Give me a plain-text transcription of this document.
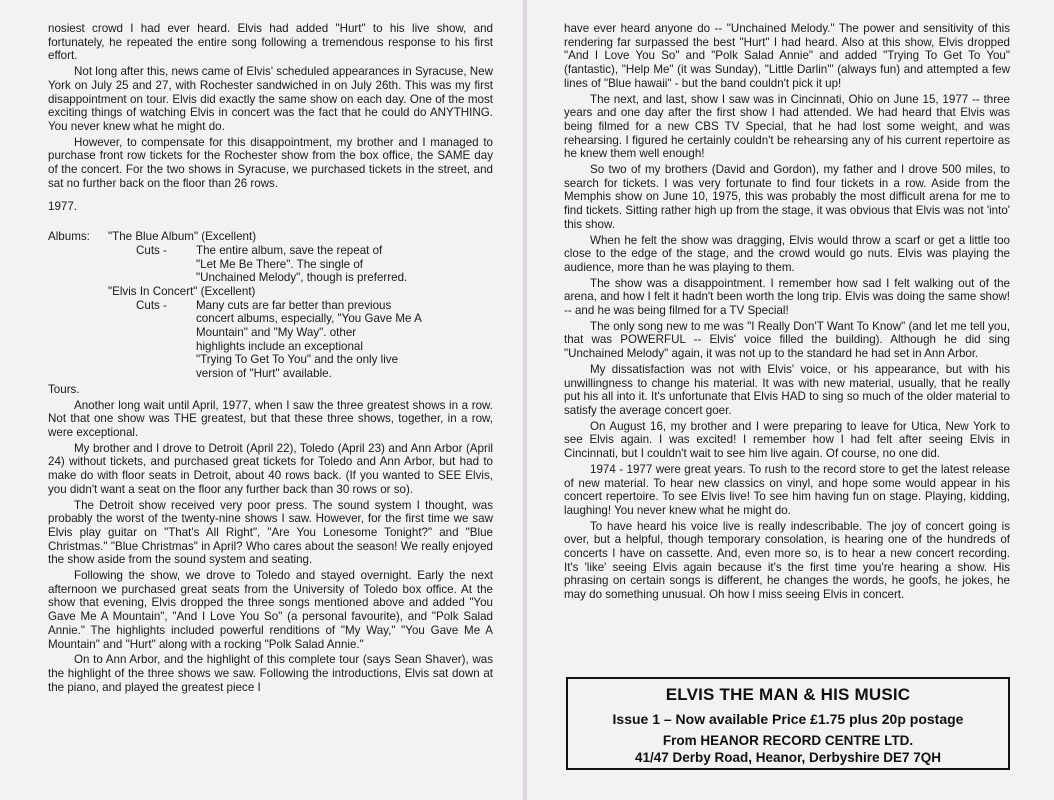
nosiest crowd I had ever heard. Elvis had added "Hurt" to his live show, and fortunately, he repeated the entire song following a tremendous response to his first effort.

Not long after this, news came of Elvis' scheduled appearances in Syracuse, New York on July 25 and 27, with Rochester sandwiched in on July 26th. This was my first disappointment on tour. Elvis did exactly the same show on each day. One of the most exciting things of watching Elvis in concert was the fact that he could do ANYTHING. You never knew what he might do.

However, to compensate for this disappointment, my brother and I managed to purchase front row tickets for the Rochester show from the box office, the SAME day of the concert. For the two shows in Syracuse, we purchased tickets in the street, and sat no further back on the floor than 26 rows.

1977.

Albums:	"The Blue Album" (Excellent)
Cuts -	The entire album, save the repeat of
"Let Me Be There". The single of
"Unchained Melody", though is preferred.
"Elvis In Concert" (Excellent)
Cuts -	Many cuts are far better than previous
concert albums, especially, "You Gave Me A
Mountain" and "My Way". other
highlights include an exceptional
"Trying To Get To You" and the only live
version of "Hurt" available.

Tours.

Another long wait until April, 1977, when I saw the three greatest shows in a row. Not that one show was THE greatest, but that these three shows, together, in a row, were exceptional.

My brother and I drove to Detroit (April 22), Toledo (April 23) and Ann Arbor (April 24) without tickets, and purchased great tickets for Toledo and Ann Arbor, but had to make do with floor seats in Detroit, about 40 rows back. (If you wanted to SEE Elvis, you didn't want a seat on the floor any further back than 30 rows or so).

The Detroit show received very poor press. The sound system I thought, was probably the worst of the twenty-nine shows I saw. However, for the first time we saw Elvis play guitar on "That's All Right", "Are You Lonesome Tonight?" and "Blue Christmas." "Blue Christmas" in April? Who cares about the season! We really enjoyed the show aside from the sound system and seating.

Following the show, we drove to Toledo and stayed overnight. Early the next afternoon we purchased great seats from the University of Toledo box office. At the show that evening, Elvis dropped the three songs mentioned above and added "You Gave Me A Mountain", "And I Love You So" (a personal favourite), and "Polk Salad Annie." The highlights included powerful renditions of "My Way," "You Gave Me A Mountain" and "Hurt" along with a rocking "Polk Salad Annie."

On to Ann Arbor, and the highlight of this complete tour (says Sean Shaver), was the highlight of the three shows we saw. Following the introductions, Elvis sat down at the piano, and played the greatest piece I

have ever heard anyone do -- "Unchained Melody." The power and sensitivity of this rendering far surpassed the best "Hurt" I had heard. Also at this show, Elvis dropped "And I Love You So" and "Polk Salad Annie" and added "Trying To Get To You" (fantastic), "Help Me" (it was Sunday), "Little Darlin'" (always fun) and attempted a few lines of "Blue hawaii" - but the band couldn't pick it up!

The next, and last, show I saw was in Cincinnati, Ohio on June 15, 1977 -- three years and one day after the first show I had attended. We had heard that Elvis was being filmed for a new CBS TV Special, that he had lost some weight, and was rehearsing. I figured he certainly couldn't be rehearsing any of his current repertoire as he knew them well enough!

So two of my brothers (David and Gordon), my father and I drove 500 miles, to search for tickets. I was very fortunate to find four tickets in a row. Aside from the Memphis show on June 10, 1975, this was probably the most difficult arena for me to find tickets. Sitting rather high up from the stage, it was obvious that Elvis was not 'into' this show.

When he felt the show was dragging, Elvis would throw a scarf or get a little too close to the edge of the stage, and the crowd would go nuts. Elvis was playing the audience, more than he was playing to them.

The show was a disappointment. I remember how sad I felt walking out of the arena, and how I felt it hadn't been worth the long trip. Elvis was doing the same show! -- and he was being filmed for a TV Special!

The only song new to me was "I Really Don'T Want To Know" (and let me tell you, that was POWERFUL -- Elvis' voice filled the building). Although he did sing "Unchained Melody" again, it was not up to the standard he had set in Ann Arbor.

My dissatisfaction was not with Elvis' voice, or his appearance, but with his unwillingness to change his material. It was with new material, usually, that he really put his all into it. It's unfortunate that Elvis HAD to sing so much of the older material to satisfy the average concert goer.

On August 16, my brother and I were preparing to leave for Utica, New York to see Elvis again. I was excited! I remember how I had felt after seeing Elvis in Cincinnati, but I couldn't wait to see him live again. Of course, no one did.

1974 - 1977 were great years. To rush to the record store to get the latest release of new material. To hear new classics on vinyl, and hope some would appear in his concert repertoire. To see Elvis live! To see him having fun on stage. Playing, kidding, laughing! You never knew what he might do.

To have heard his voice live is really indescribable. The joy of concert going is over, but a helpful, though temporary consolation, is hearing one of the hundreds of concerts I have on cassette. And, even more so, is to hear a new concert recording. It's 'like' seeing Elvis again because it's the first time you're hearing a show. His phrasing on certain songs is different, he changes the words, he goofs, he jokes, he may do something unusual. Oh how I miss seeing Elvis in concert.

ELVIS THE MAN & HIS MUSIC
Issue 1 – Now available Price £1.75 plus 20p postage
From HEANOR RECORD CENTRE LTD.
41/47 Derby Road, Heanor, Derbyshire DE7 7QH
